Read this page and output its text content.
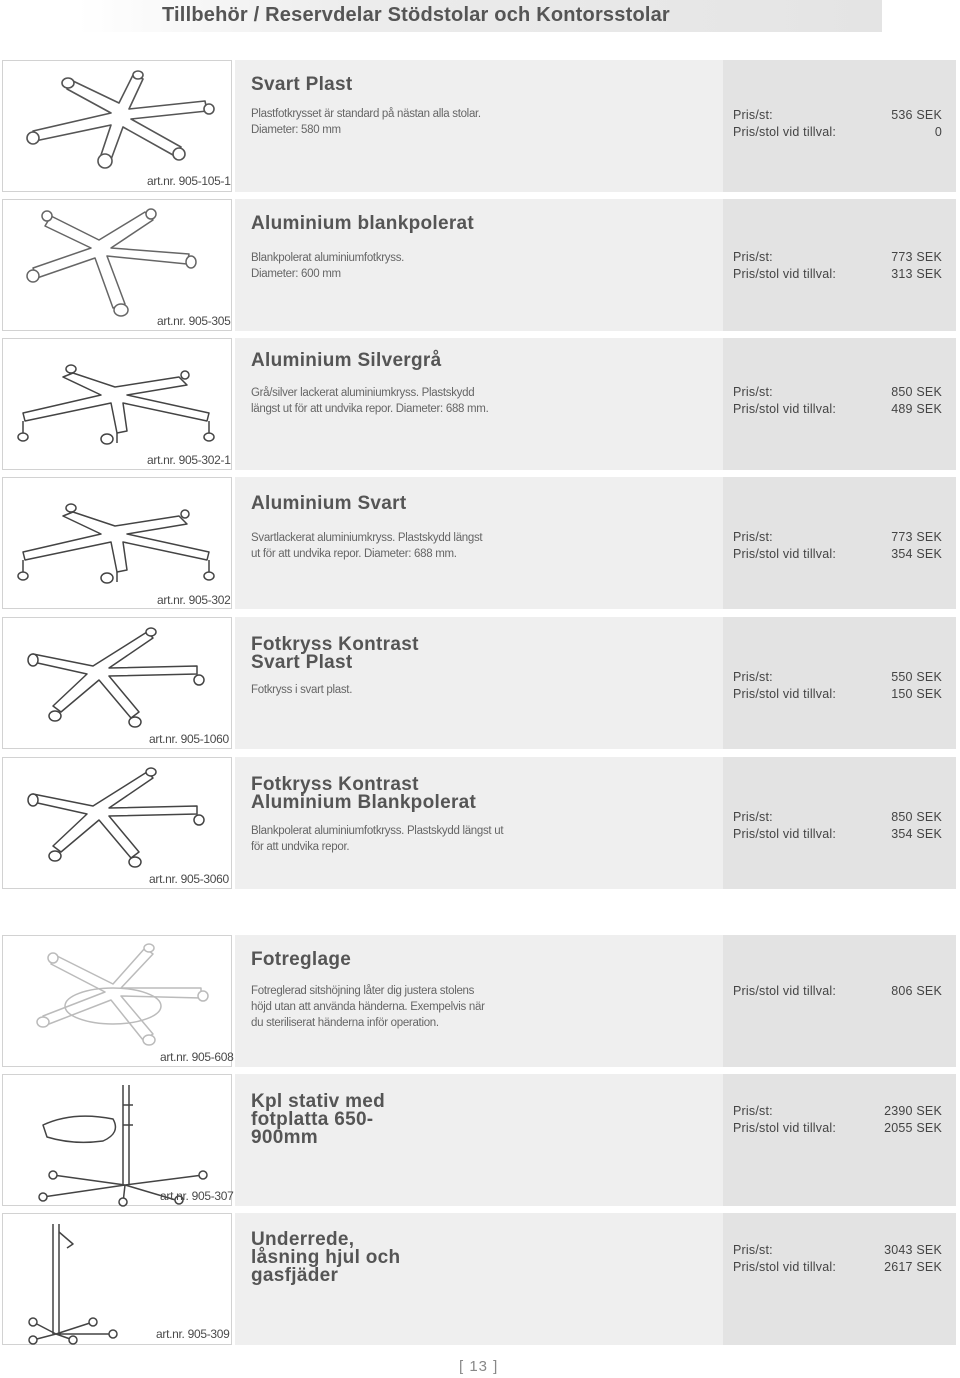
Tillbehör / Reservdelar Stödstolar och Kontorsstolar
art.nr. 905-105-1
Svart Plast
Plastfotkrysset är standard på nästan alla stolar.
Diameter: 580 mm
Pris/st:	536 SEK
Pris/stol vid tillval:	0
art.nr. 905-305
Aluminium blankpolerat
Blankpolerat aluminiumfotkryss.
Diameter: 600 mm
Pris/st:	773 SEK
Pris/stol vid tillval:	313 SEK
art.nr. 905-302-1
Aluminium Silvergrå
Grå/silver lackerat aluminiumkryss. Plastskydd
längst ut för att undvika repor. Diameter: 688 mm.
Pris/st:	850 SEK
Pris/stol vid tillval:	489 SEK
art.nr. 905-302
Aluminium Svart
Svartlackerat aluminiumkryss. Plastskydd längst
ut för att undvika repor. Diameter: 688 mm.
Pris/st:	773 SEK
Pris/stol vid tillval:	354 SEK
art.nr. 905-1060
Fotkryss Kontrast
Svart Plast
Fotkryss i svart plast.
Pris/st:	550 SEK
Pris/stol vid tillval:	150 SEK
art.nr. 905-3060
Fotkryss Kontrast
Aluminium Blankpolerat
Blankpolerat aluminiumfotkryss. Plastskydd längst ut
för att undvika repor.
Pris/st:	850 SEK
Pris/stol vid tillval:	354 SEK
art.nr. 905-608
Fotreglage
Fotreglerad sitshöjning låter dig justera stolens
höjd utan att använda händerna. Exempelvis när
du steriliserat händerna inför operation.
Pris/stol vid tillval:	806 SEK
art.nr. 905-307
Kpl stativ med
fotplatta 650-
900mm
Pris/st:	2390 SEK
Pris/stol vid tillval:	2055 SEK
art.nr. 905-309
Underrede,
låsning hjul och
gasfjäder
Pris/st:	3043 SEK
Pris/stol vid tillval:	2617 SEK
[ 13 ]
